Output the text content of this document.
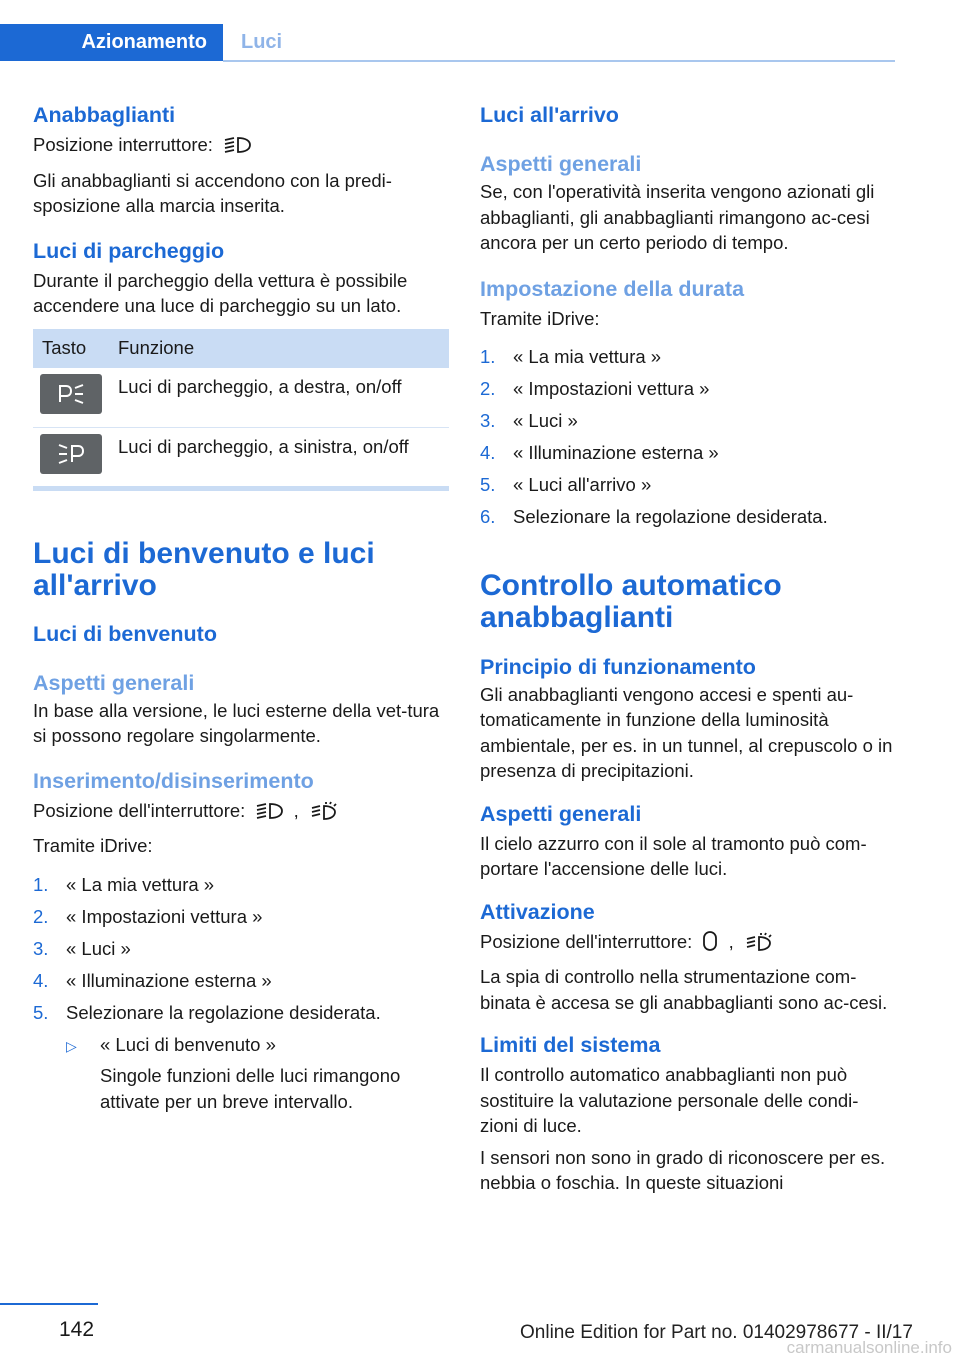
Azionamento	Luci
Anabbaglianti

Posizione interruttore:

Gli anabbaglianti si accendono con la predi-sposizione alla marcia inserita.

Luci di parcheggio

Durante il parcheggio della vettura è possibile accendere una luce di parcheggio su un lato.

Tasto	Funzione
Luci di parcheggio, a destra, on/off
Luci di parcheggio, a sinistra, on/off
Luci di benvenuto e luci all'arrivo
Luci di benvenuto
Aspetti generali

In base alla versione, le luci esterne della vet-tura si possono regolare singolarmente.

Inserimento/disinserimento

Posizione dell'interruttore:	,

Tramite iDrive:

1. « La mia vettura »
2. « Impostazioni vettura »
3. « Luci »
4. « Illuminazione esterna »
5. Selezionare la regolazione desiderata.
▷	« Luci di benvenuto »
Singole funzioni delle luci rimangono attivate per un breve intervallo.
Luci all'arrivo
Aspetti generali

Se, con l'operatività inserita vengono azionati gli abbaglianti, gli anabbaglianti rimangono ac-cesi ancora per un certo periodo di tempo.

Impostazione della durata

Tramite iDrive:

1. « La mia vettura »
2. « Impostazioni vettura »
3. « Luci »
4. « Illuminazione esterna »
5. « Luci all'arrivo »
6. Selezionare la regolazione desiderata.
Controllo automatico anabbaglianti
Principio di funzionamento

Gli anabbaglianti vengono accesi e spenti au-tomaticamente in funzione della luminosità ambientale, per es. in un tunnel, al crepuscolo o in presenza di precipitazioni.

Aspetti generali

Il cielo azzurro con il sole al tramonto può com-portare l'accensione delle luci.

Attivazione

Posizione dell'interruttore: ,

La spia di controllo nella strumentazione com-binata è accesa se gli anabbaglianti sono ac-cesi.

Limiti del sistema

Il controllo automatico anabbaglianti non può sostituire la valutazione personale delle condi-zioni di luce.

I sensori non sono in grado di riconoscere per es. nebbia o foschia. In queste situazioni

142	Online Edition for Part no. 01402978677 - II/17
carmanualsonline.info
